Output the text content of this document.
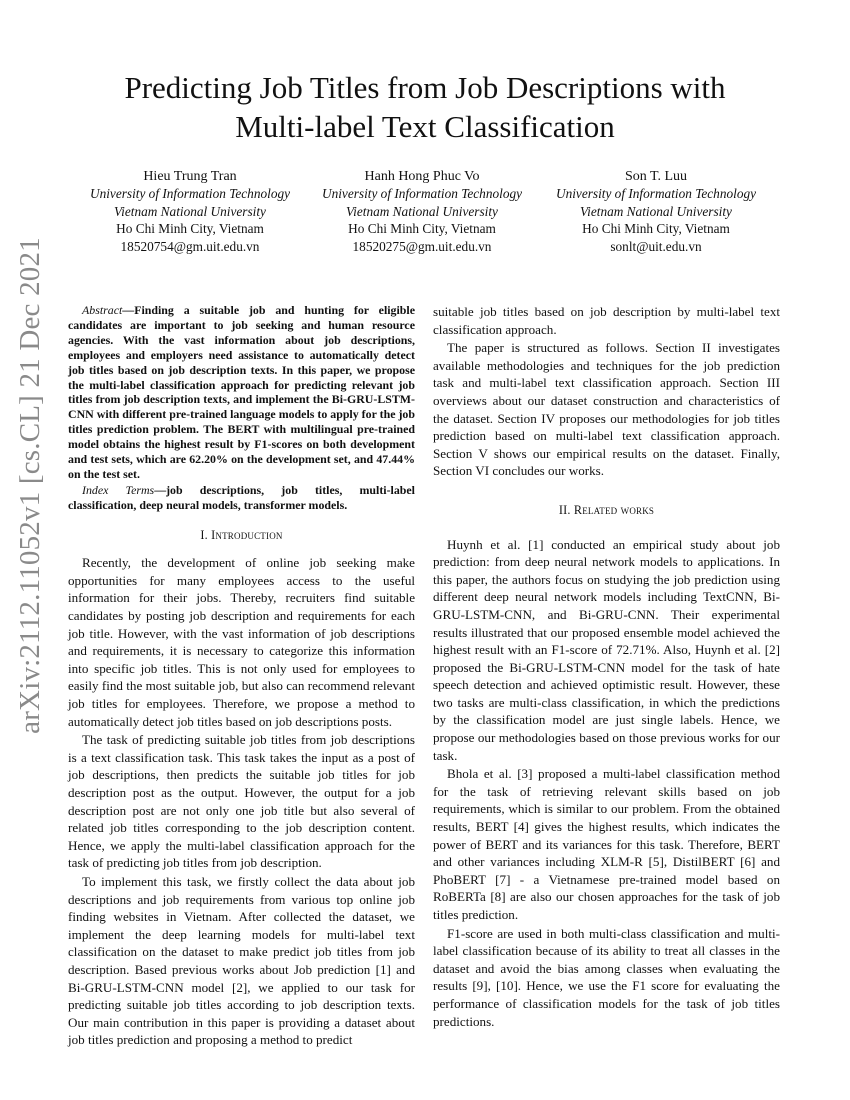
arXiv:2112.11052v1 [cs.CL] 21 Dec 2021
Predicting Job Titles from Job Descriptions with
Multi-label Text Classification
Hieu Trung Tran
University of Information Technology
Vietnam National University
Ho Chi Minh City, Vietnam
18520754@gm.uit.edu.vn
Hanh Hong Phuc Vo
University of Information Technology
Vietnam National University
Ho Chi Minh City, Vietnam
18520275@gm.uit.edu.vn
Son T. Luu
University of Information Technology
Vietnam National University
Ho Chi Minh City, Vietnam
sonlt@uit.edu.vn

Abstract—Finding a suitable job and hunting for eligible candidates are important to job seeking and human resource agencies. With the vast information about job descriptions, employees and employers need assistance to automatically detect job titles based on job description texts. In this paper, we propose the multi-label classification approach for predicting relevant job titles from job description texts, and implement the Bi-GRU-LSTM-CNN with different pre-trained language models to apply for the job titles prediction problem. The BERT with multilingual pre-trained model obtains the highest result by F1-scores on both development and test sets, which are 62.20% on the development set, and 47.44% on the test set.

Index Terms—job descriptions, job titles, multi-label classification, deep neural models, transformer models.

I. Introduction

Recently, the development of online job seeking make opportunities for many employees access to the useful information for their jobs. Thereby, recruiters find suitable candidates by posting job description and requirements for each job title. However, with the vast information of job descriptions and requirements, it is necessary to categorize this information into specific job titles. This is not only used for employees to easily find the most suitable job, but also can recommend relevant job titles for employees. Therefore, we propose a method to automatically detect job titles based on job descriptions posts.

The task of predicting suitable job titles from job descriptions is a text classification task. This task takes the input as a post of job descriptions, then predicts the suitable job titles for job description post as the output. However, the output for a job description post are not only one job title but also several of related job titles corresponding to the job description content. Hence, we apply the multi-label classification approach for the task of predicting job titles from job description.

To implement this task, we firstly collect the data about job descriptions and job requirements from various top online job finding websites in Vietnam. After collected the dataset, we implement the deep learning models for multi-label text classification on the dataset to make predict job titles from job description. Based previous works about Job prediction [1] and Bi-GRU-LSTM-CNN model [2], we applied to our task for predicting suitable job titles according to job description texts. Our main contribution in this paper is providing a dataset about job titles prediction and proposing a method to predict

suitable job titles based on job description by multi-label text classification approach.

The paper is structured as follows. Section II investigates available methodologies and techniques for the job prediction task and multi-label text classification approach. Section III overviews about our dataset construction and characteristics of the dataset. Section IV proposes our methodologies for job titles prediction based on multi-label text classification approach. Section V shows our empirical results on the dataset. Finally, Section VI concludes our works.

II. Related works

Huynh et al. [1] conducted an empirical study about job prediction: from deep neural network models to applications. In this paper, the authors focus on studying the job prediction using different deep neural network models including TextCNN, Bi-GRU-LSTM-CNN, and Bi-GRU-CNN. Their experimental results illustrated that our proposed ensemble model achieved the highest result with an F1-score of 72.71%. Also, Huynh et al. [2] proposed the Bi-GRU-LSTM-CNN model for the task of hate speech detection and achieved optimistic result. However, these two tasks are multi-class classification, in which the predictions by the classification model are just single labels. Hence, we propose our methodologies based on those previous works for our task.

Bhola et al. [3] proposed a multi-label classification method for the task of retrieving relevant skills based on job requirements, which is similar to our problem. From the obtained results, BERT [4] gives the highest results, which indicates the power of BERT and its variances for this task. Therefore, BERT and other variances including XLM-R [5], DistilBERT [6] and PhoBERT [7] - a Vietnamese pre-trained model based on RoBERTa [8] are also our chosen approaches for the task of job titles prediction.

F1-score are used in both multi-class classification and multi-label classification because of its ability to treat all classes in the dataset and avoid the bias among classes when evaluating the results [9], [10]. Hence, we use the F1 score for evaluating the performance of classification models for the task of job titles predictions.
